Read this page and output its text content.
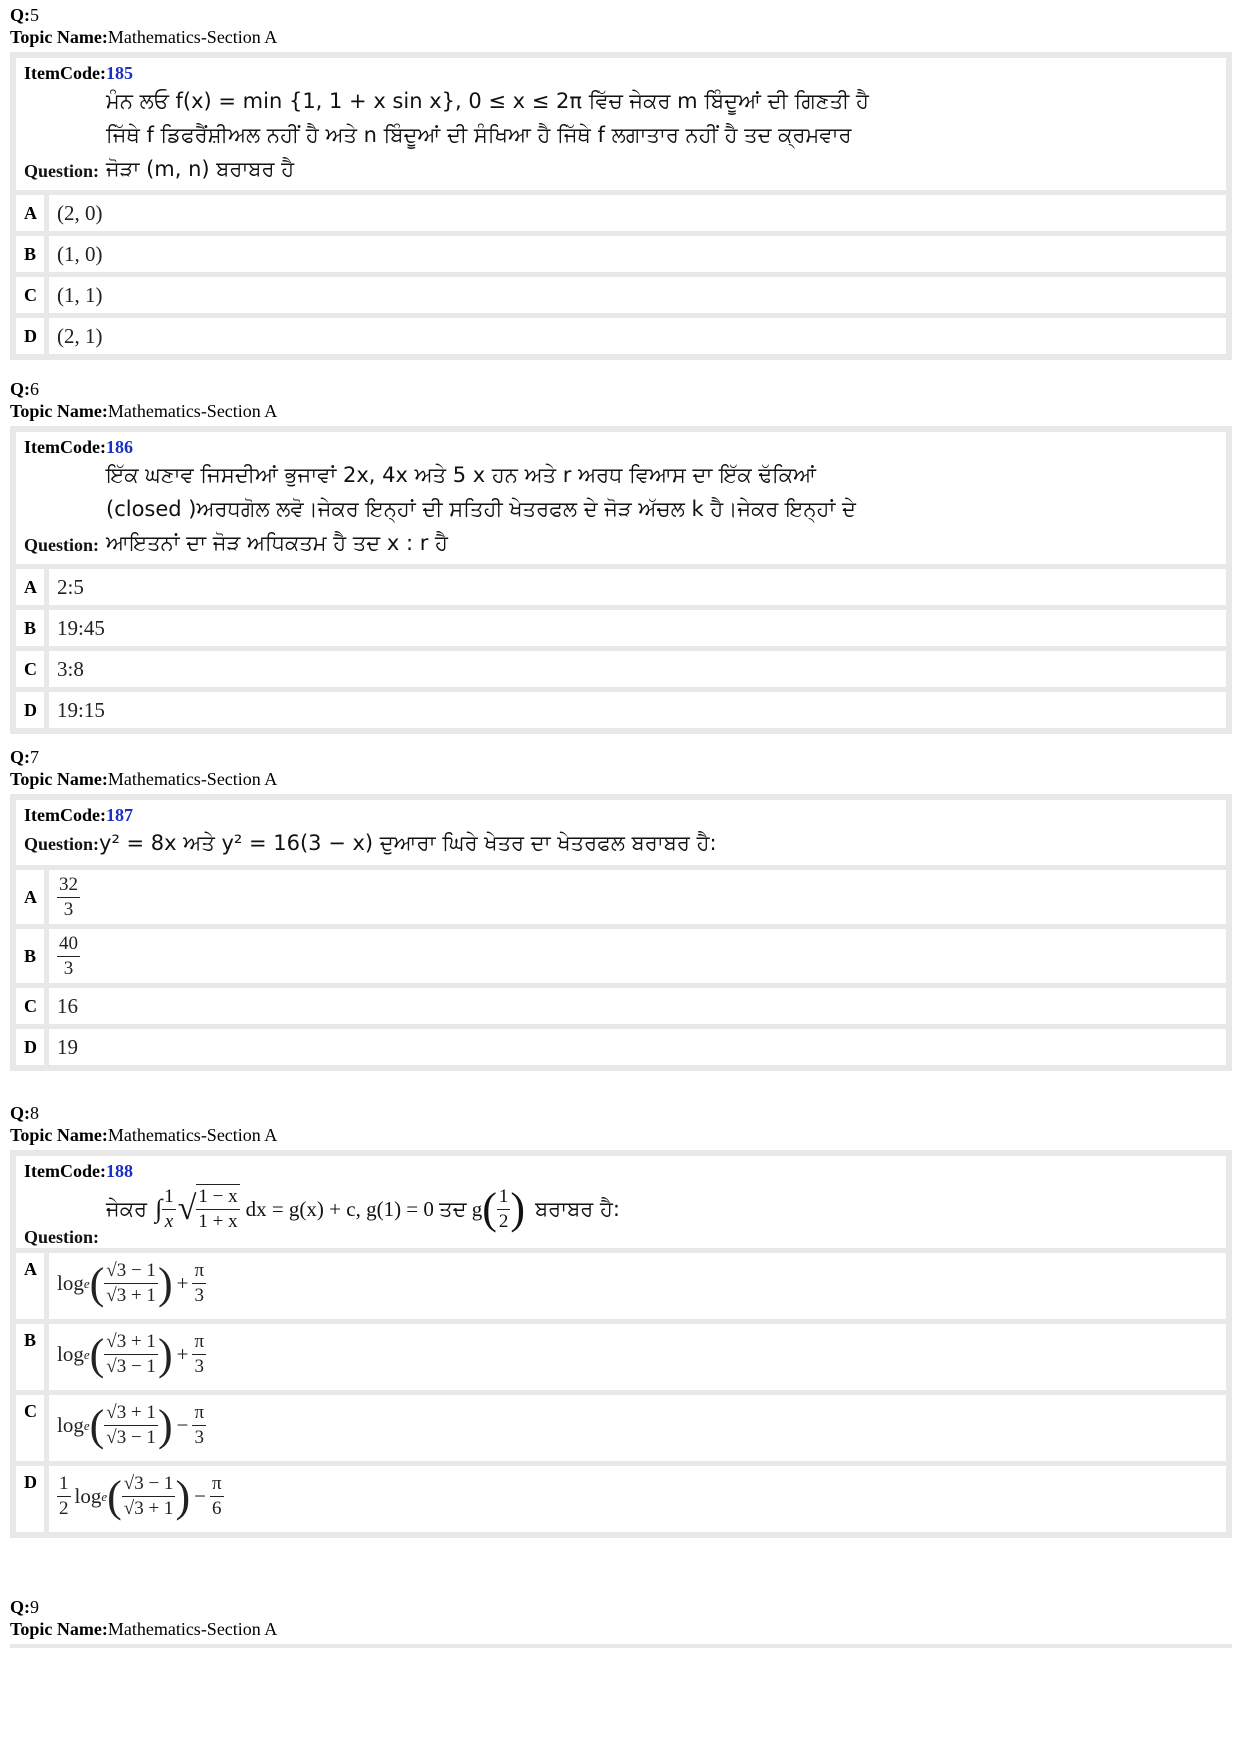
Q:5
Topic Name:Mathematics-Section A
ItemCode:185
ਮੰਨ ਲਓ f(x) = min {1, 1 + x sin x}, 0 ≤ x ≤ 2π ਵਿੱਚ ਜੇਕਰ m ਬਿੰਦੂਆਂ ਦੀ ਗਿਣਤੀ ਹੈ
ਜਿੱਥੇ f ਡਿਫਰੈਂਸ਼ੀਅਲ ਨਹੀਂ ਹੈ ਅਤੇ n ਬਿੰਦੂਆਂ ਦੀ ਸੰਖਿਆ ਹੈ ਜਿੱਥੇ f ਲਗਾਤਾਰ ਨਹੀਂ ਹੈ ਤਦ ਕ੍ਰਮਵਾਰ
Question: ਜੋੜਾ (m, n) ਬਰਾਬਰ ਹੈ
A (2, 0)
B (1, 0)
C (1, 1)
D (2, 1)
Q:6
Topic Name:Mathematics-Section A
ItemCode:186
ਇੱਕ ਘਣਾਵ ਜਿਸਦੀਆਂ ਭੁਜਾਵਾਂ 2x, 4x ਅਤੇ 5 x ਹਨ ਅਤੇ r ਅਰਧ ਵਿਆਸ ਦਾ ਇੱਕ ਢੱਕਿਆਂ
(closed )ਅਰਧਗੋਲ ਲਵੋ।ਜੇਕਰ ਇਨ੍ਹਾਂ ਦੀ ਸਤਿਹੀ ਖੇਤਰਫਲ ਦੇ ਜੋੜ ਅੱਚਲ k ਹੈ।ਜੇਕਰ ਇਨ੍ਹਾਂ ਦੇ
Question: ਆਇਤਨਾਂ ਦਾ ਜੋੜ ਅਧਿਕਤਮ ਹੈ ਤਦ x : r ਹੈ
A 2:5
B 19:45
C 3:8
D 19:15
Q:7
Topic Name:Mathematics-Section A
ItemCode:187
Question:y² = 8x ਅਤੇ y² = 16(3 − x) ਦੁਆਰਾ ਘਿਰੇ ਖੇਤਰ ਦਾ ਖੇਤਰਫਲ ਬਰਾਬਰ ਹੈ:
A	$\frac{32}{3}$
B	$\frac{40}{3}$
C 16
D 19
Q:8
Topic Name:Mathematics-Section A
ItemCode:188
Question:
ਜੇਕਰ ∫ $\frac{1}{x}$ √ $\frac{1 - x}{1 + x}$ dx = g(x) + c, g(1) = 0 ਤਦ g ( $\frac{1}{2}$ ) ਬਰਾਬਰ ਹੈ:
A
log e ( $\frac{√3 - 1}{√3 + 1}$ ) + $\frac{\pi}{3}$
B
log e ( $\frac{√3 + 1}{√3 - 1}$ ) + $\frac{\pi}{3}$
C
log e ( $\frac{√3 + 1}{√3 - 1}$ ) − $\frac{\pi}{3}$
D	$\frac{1}{2}$ log e ( $\frac{√3 - 1}{√3 + 1}$ ) − $\frac{\pi}{6}$
Q:9
Topic Name:Mathematics-Section A
